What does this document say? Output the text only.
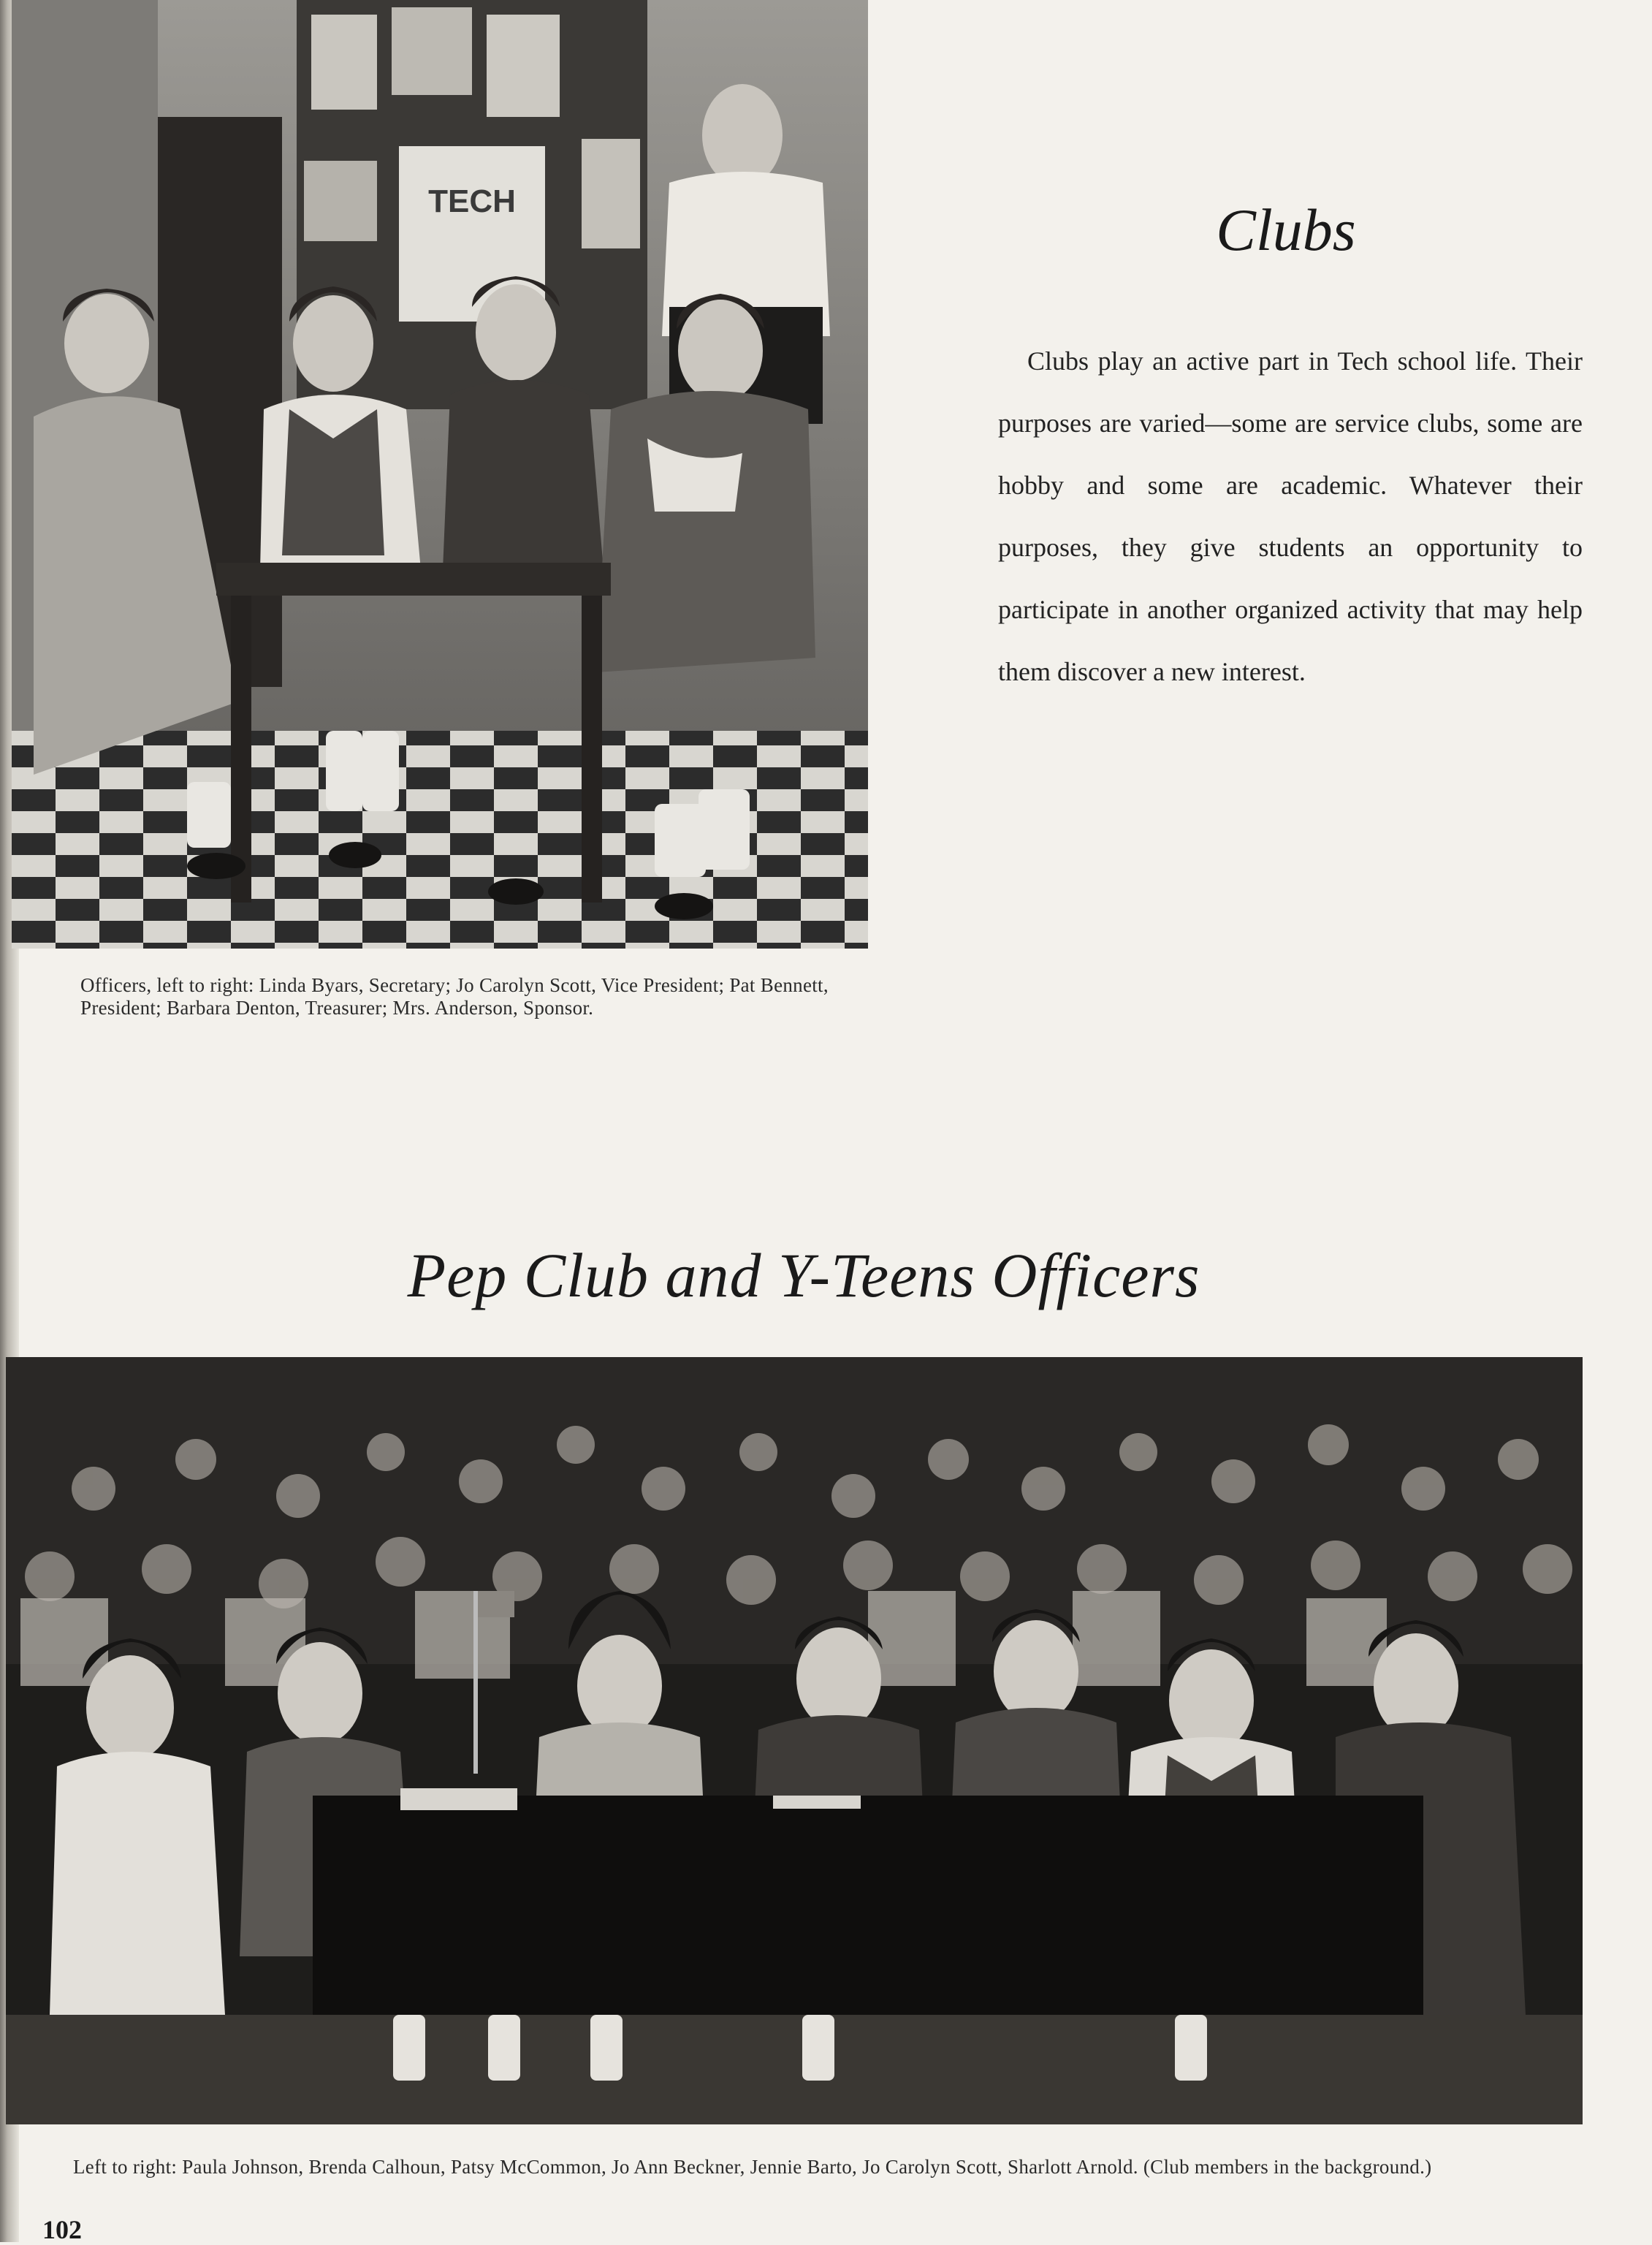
TECH
Officers, left to right: Linda Byars, Secretary; Jo Carolyn Scott, Vice President; Pat Bennett, President; Barbara Denton, Treasurer; Mrs. Anderson, Sponsor.
Clubs

Clubs play an active part in Tech school life. Their purposes are varied—some are service clubs, some are hobby and some are academic. Whatever their purposes, they give students an opportunity to participate in another organized activity that may help them discover a new interest.

Pep Club and Y-Teens Officers
Left to right: Paula Johnson, Brenda Calhoun, Patsy McCommon, Jo Ann Beckner, Jennie Barto, Jo Carolyn Scott, Sharlott Arnold. (Club members in the background.)
102
